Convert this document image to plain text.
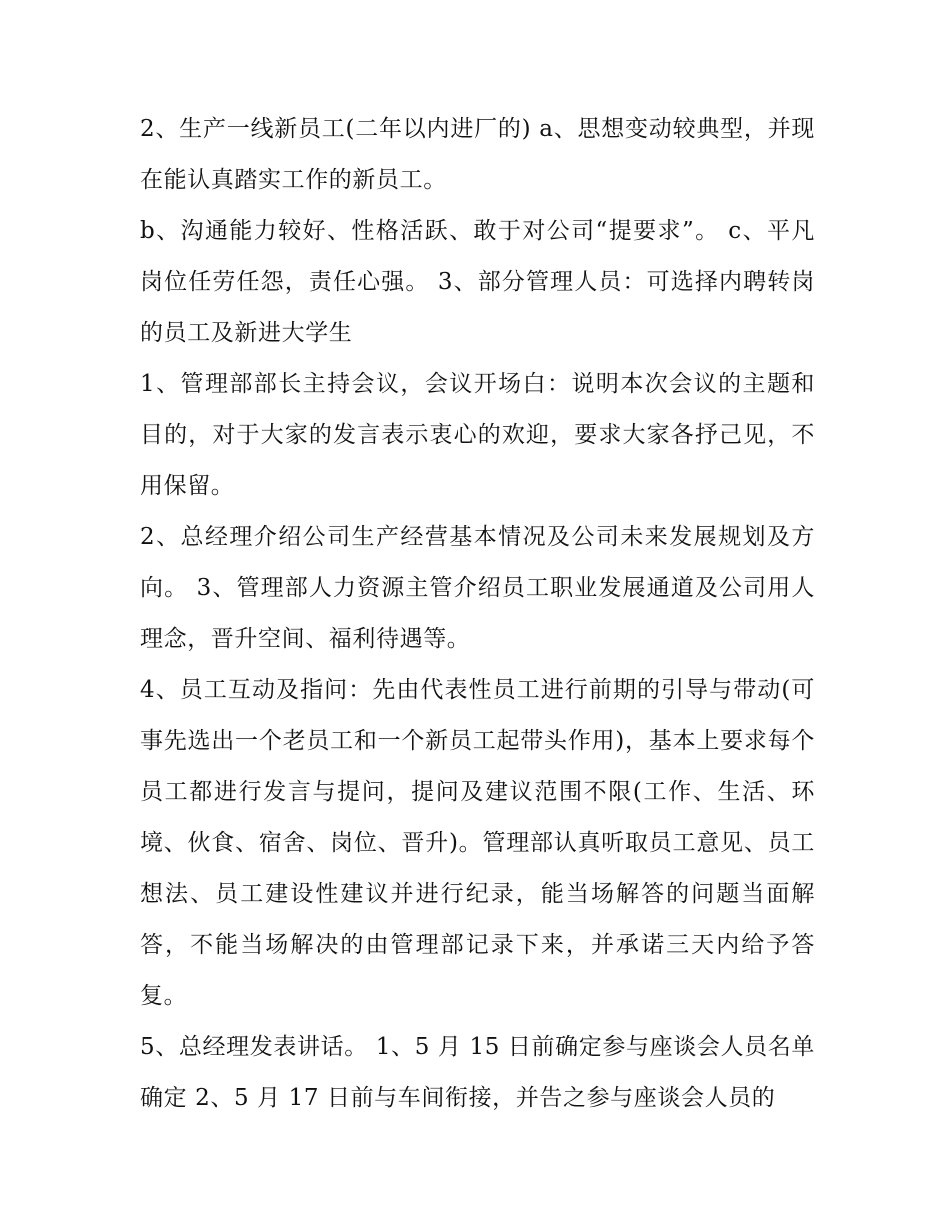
2、生产一线新员工(二年以内进厂的) a、思想变动较典型，并现在能认真踏实工作的新员工。

b、沟通能力较好、性格活跃、敢于对公司“提要求”。 c、平凡岗位任劳任怨，责任心强。 3、部分管理人员：可选择内聘转岗的员工及新进大学生

1、管理部部长主持会议，会议开场白：说明本次会议的主题和目的，对于大家的发言表示衷心的欢迎，要求大家各抒己见，不用保留。

2、总经理介绍公司生产经营基本情况及公司未来发展规划及方向。 3、管理部人力资源主管介绍员工职业发展通道及公司用人理念，晋升空间、福利待遇等。

4、员工互动及指问：先由代表性员工进行前期的引导与带动(可事先选出一个老员工和一个新员工起带头作用)，基本上要求每个员工都进行发言与提问，提问及建议范围不限(工作、生活、环境、伙食、宿舍、岗位、晋升)。管理部认真听取员工意见、员工想法、员工建设性建议并进行纪录，能当场解答的问题当面解答，不能当场解决的由管理部记录下来，并承诺三天内给予答复。

5、总经理发表讲话。 1、5 月 15 日前确定参与座谈会人员名单确定 2、5 月 17 日前与车间衔接，并告之参与座谈会人员的
